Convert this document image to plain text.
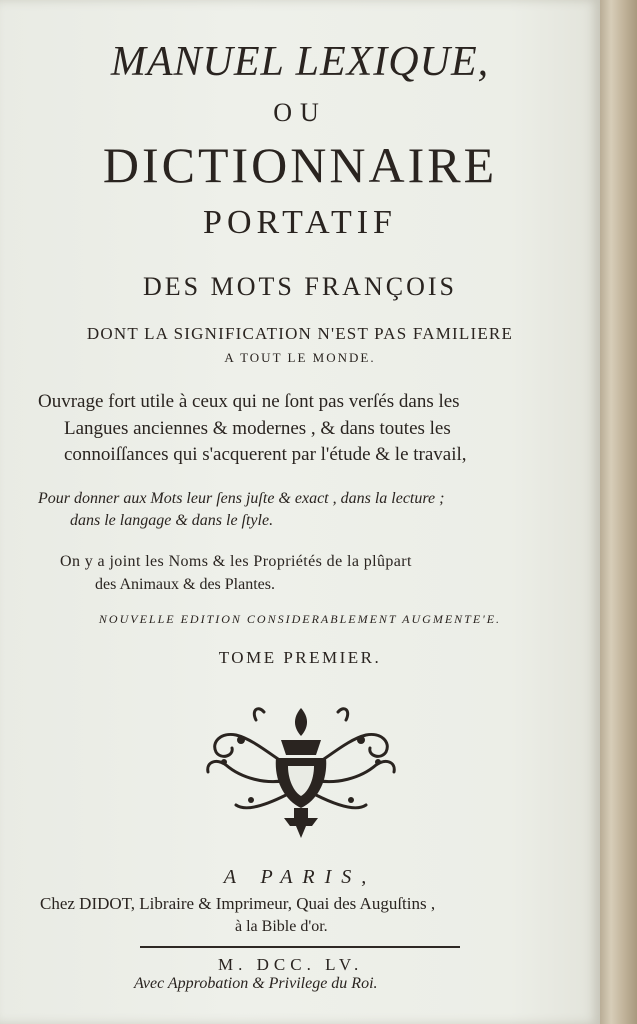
MANUEL LEXIQUE,
OU
DICTIONNAIRE
PORTATIF
DES MOTS FRANÇOIS
DONT LA SIGNIFICATION N'EST PAS FAMILIERE
A TOUT LE MONDE.
Ouvrage fort utile à ceux qui ne ſont pas verſés dans les
Langues anciennes & modernes , & dans toutes les
connoiſſances qui s'acquerent par l'étude & le travail,
Pour donner aux Mots leur ſens juſte & exact , dans la lecture ;
dans le langage & dans le ſtyle.
On y a joint les Noms & les Propriétés de la plûpart
des Animaux & des Plantes.
NOUVELLE EDITION CONSIDERABLEMENT AUGMENTE'E.
TOME PREMIER.
A PARIS,
Chez DIDOT, Libraire & Imprimeur, Quai des Auguſtins ,
à la Bible d'or.
M. DCC. LV.
Avec Approbation & Privilege du Roi.
